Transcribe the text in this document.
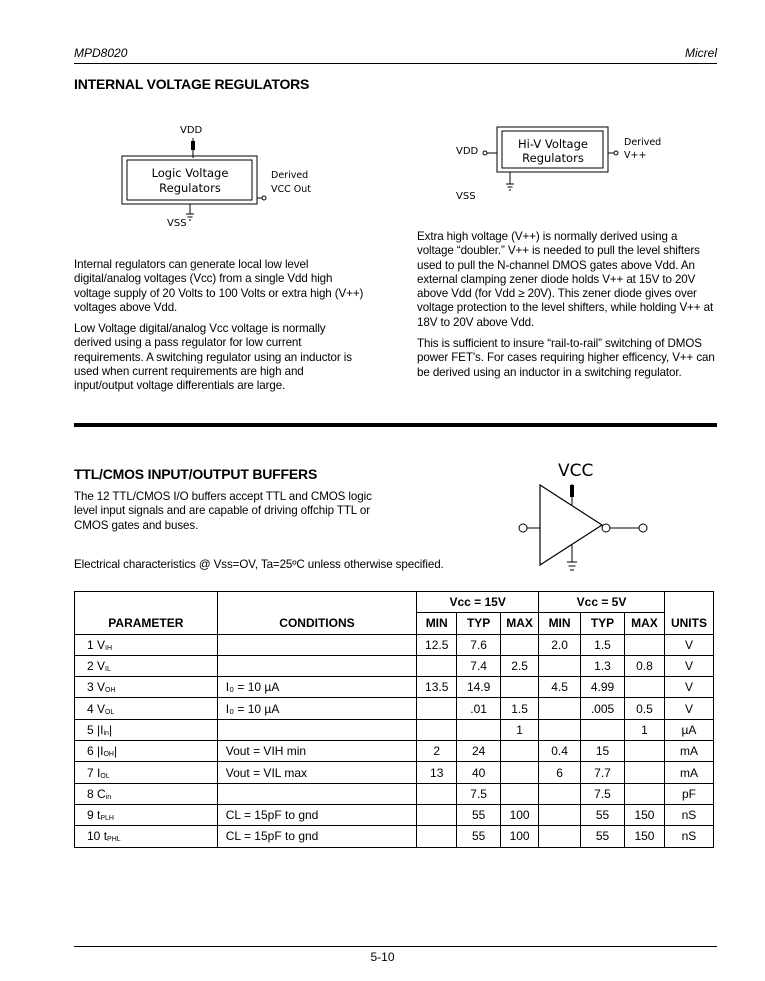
MPD8020	Micrel
INTERNAL VOLTAGE REGULATORS
VDD
Logic Voltage
Regulators
Derived
VCC Out
VSS
VDD
Hi-V Voltage
Regulators
Derived
V++
VSS

Internal regulators can generate local low level digital/analog voltages (Vcc) from a single Vdd high voltage supply of 20 Volts to 100 Volts or extra high (V++) voltages above Vdd.

Low Voltage digital/analog Vcc voltage is normally derived using a pass regulator for low current requirements. A switching regulator using an inductor is used when current requirements are high and input/output voltage differentials are large.

Extra high voltage (V++) is normally derived using a voltage “doubler.” V++ is needed to pull the level shifters used to pull the N-channel DMOS gates above Vdd. An external clamping zener diode holds V++ at 15V to 20V above Vdd (for Vdd ≥ 20V). This zener diode gives over voltage protection to the level shifters, while holding V++ at 18V to 20V above Vdd.

This is sufficient to insure “rail-to-rail” switching of DMOS power FET’s. For cases requiring higher efficency, V++ can be derived using an inductor in a switching regulator.

TTL/CMOS INPUT/OUTPUT BUFFERS

The 12 TTL/CMOS I/O buffers accept TTL and CMOS logic level input signals and are capable of driving offchip TTL or CMOS gates and buses.

VCC
Electrical characteristics @ Vss=OV, Ta=25ºC unless otherwise specified.
		Vcc = 15V			Vcc = 5V			
PARAMETER	CONDITIONS	MIN	TYP	MAX	MIN	TYP	MAX	UNITS
1 $V_{IH}$		12.5	7.6		2.0	1.5		V
2 $V_{IL}$			7.4	2.5		1.3	0.8	V
3 $V_{OH}$	I₀ = 10 µA	13.5	14.9		4.5	4.99		V
4 $V_{OL}$	I₀ = 10 µA		.01	1.5		.005	0.5	V
5 $|I_{in}|$				1			1	µA
6 $|I_{OH}|$	Vout = VIH min	2	24		0.4	15		mA
7 $I_{OL}$	Vout = VIL max	13	40		6	7.7		mA
8 $C_{in}$			7.5			7.5		pF
9 $t_{PLH}$	CL = 15pF to gnd		55	100		55	150	nS
10 $t_{PHL}$	CL = 15pF to gnd		55	100		55	150	nS
5-10
